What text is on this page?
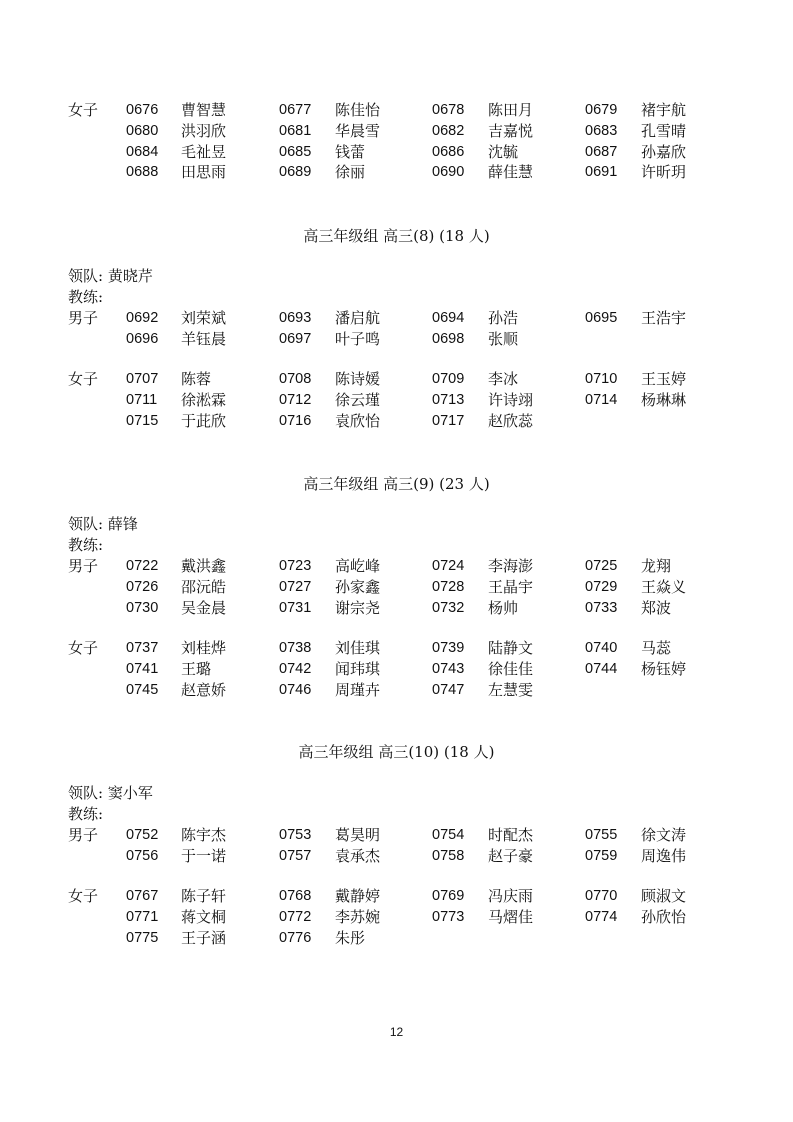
女子 0676 曹智慧	0677 陈佳怡	0678 陈田月	0679 褚宇航
0680 洪羽欣	0681 华晨雪	0682 吉嘉悦	0683 孔雪晴
0684 毛祉昱	0685 钱蕾	0686 沈毓	0687 孙嘉欣
0688 田思雨	0689 徐丽	0690 薛佳慧	0691 许昕玥
高三年级组 高三(8) (18 人)
领队: 黄晓芹
教练:
男子 0692 刘荣斌	0693 潘启航	0694 孙浩	0695 王浩宇
0696 羊钰晨	0697 叶子鸣	0698 张顺
女子 0707 陈蓉	0708 陈诗媛	0709 李冰	0710 王玉婷
0711 徐淞霖	0712 徐云瑾	0713 许诗翊	0714 杨琳琳
0715 于茈欣	0716 袁欣怡	0717 赵欣蕊
高三年级组 高三(9) (23 人)
领队: 薛锋
教练:
男子 0722 戴洪鑫	0723 高屹峰	0724 李海澎	0725 龙翔
0726 邵沅皓	0727 孙家鑫	0728 王晶宇	0729 王焱义
0730 吴金晨	0731 谢宗尧	0732 杨帅	0733 郑波
女子 0737 刘桂烨	0738 刘佳琪	0739 陆静文	0740 马蕊
0741 王璐	0742 闻玮琪	0743 徐佳佳	0744 杨钰婷
0745 赵意娇	0746 周瑾卉	0747 左慧雯
高三年级组 高三(10) (18 人)
领队: 窦小军
教练:
男子 0752 陈宇杰	0753 葛昊明	0754 时配杰	0755 徐文涛
0756 于一诺	0757 袁承杰	0758 赵子豪	0759 周逸伟
女子 0767 陈子轩	0768 戴静婷	0769 冯庆雨	0770 顾淑文
0771 蒋文桐	0772 李苏婉	0773 马熠佳	0774 孙欣怡
0775 王子涵	0776 朱彤
12
